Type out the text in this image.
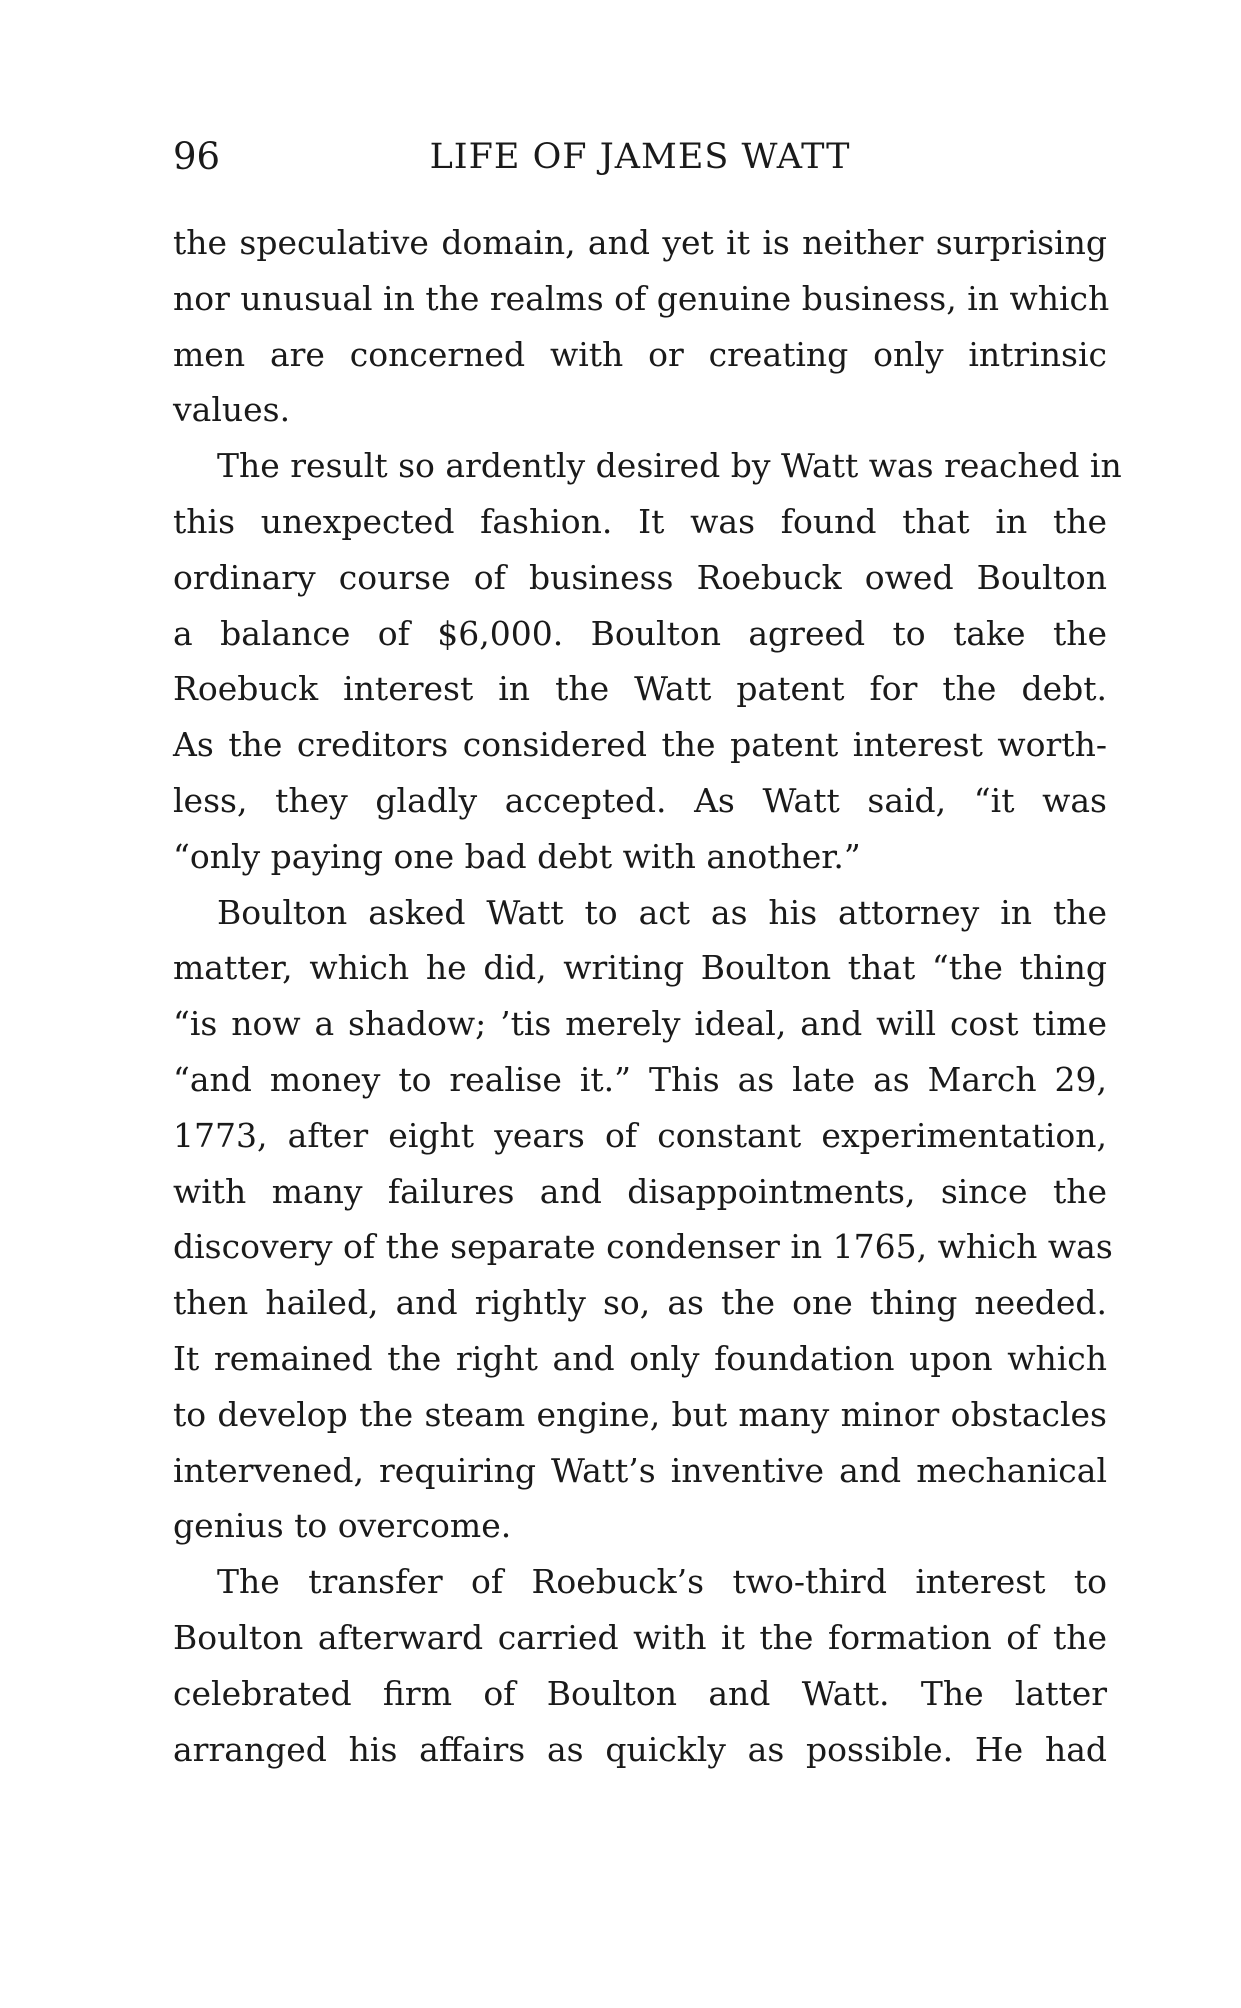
96	LIFE OF JAMES WATT
the speculative domain, and yet it is neither surprising
nor unusual in the realms of genuine business, in which
men are concerned with or creating only intrinsic
values.
The result so ardently desired by Watt was reached in
this unexpected fashion. It was found that in the
ordinary course of business Roebuck owed Boulton
a balance of $6,000. Boulton agreed to take the
Roebuck interest in the Watt patent for the debt.
As the creditors considered the patent interest worth-
less, they gladly accepted. As Watt said, “it was
“only paying one bad debt with another.”
Boulton asked Watt to act as his attorney in the
matter, which he did, writing Boulton that “the thing
“is now a shadow; ’tis merely ideal, and will cost time
“and money to realise it.” This as late as March 29,
1773, after eight years of constant experimentation,
with many failures and disappointments, since the
discovery of the separate condenser in 1765, which was
then hailed, and rightly so, as the one thing needed.
It remained the right and only foundation upon which
to develop the steam engine, but many minor obstacles
intervened, requiring Watt’s inventive and mechanical
genius to overcome.
The transfer of Roebuck’s two-third interest to
Boulton afterward carried with it the formation of the
celebrated firm of Boulton and Watt. The latter
arranged his affairs as quickly as possible. He had
